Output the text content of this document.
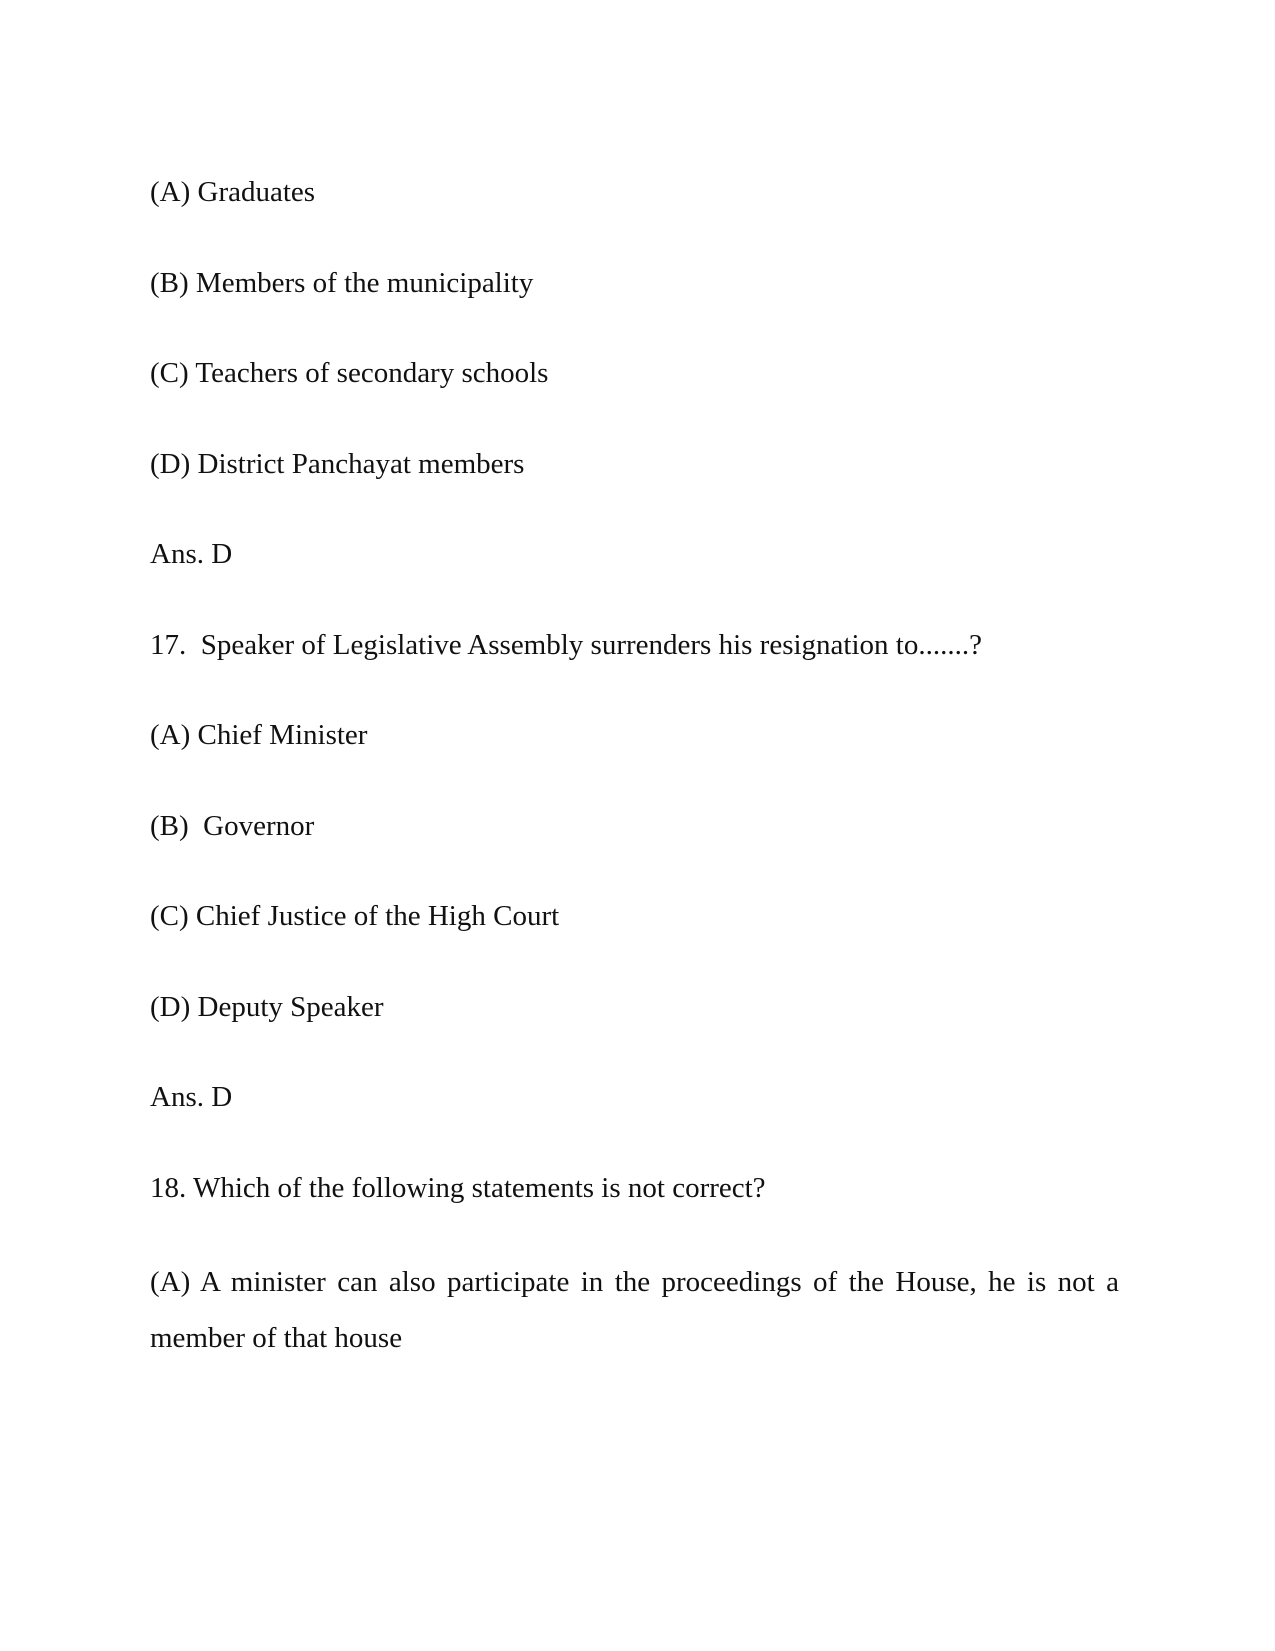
(A) Graduates

(B) Members of the municipality

(C) Teachers of secondary schools

(D) District Panchayat members

Ans. D

17.  Speaker of Legislative Assembly surrenders his resignation to.......?

(A) Chief Minister

(B)  Governor

(C) Chief Justice of the High Court

(D) Deputy Speaker

Ans. D

18. Which of the following statements is not correct?

(A) A minister can also participate in the proceedings of the House, he is not a
member of that house
